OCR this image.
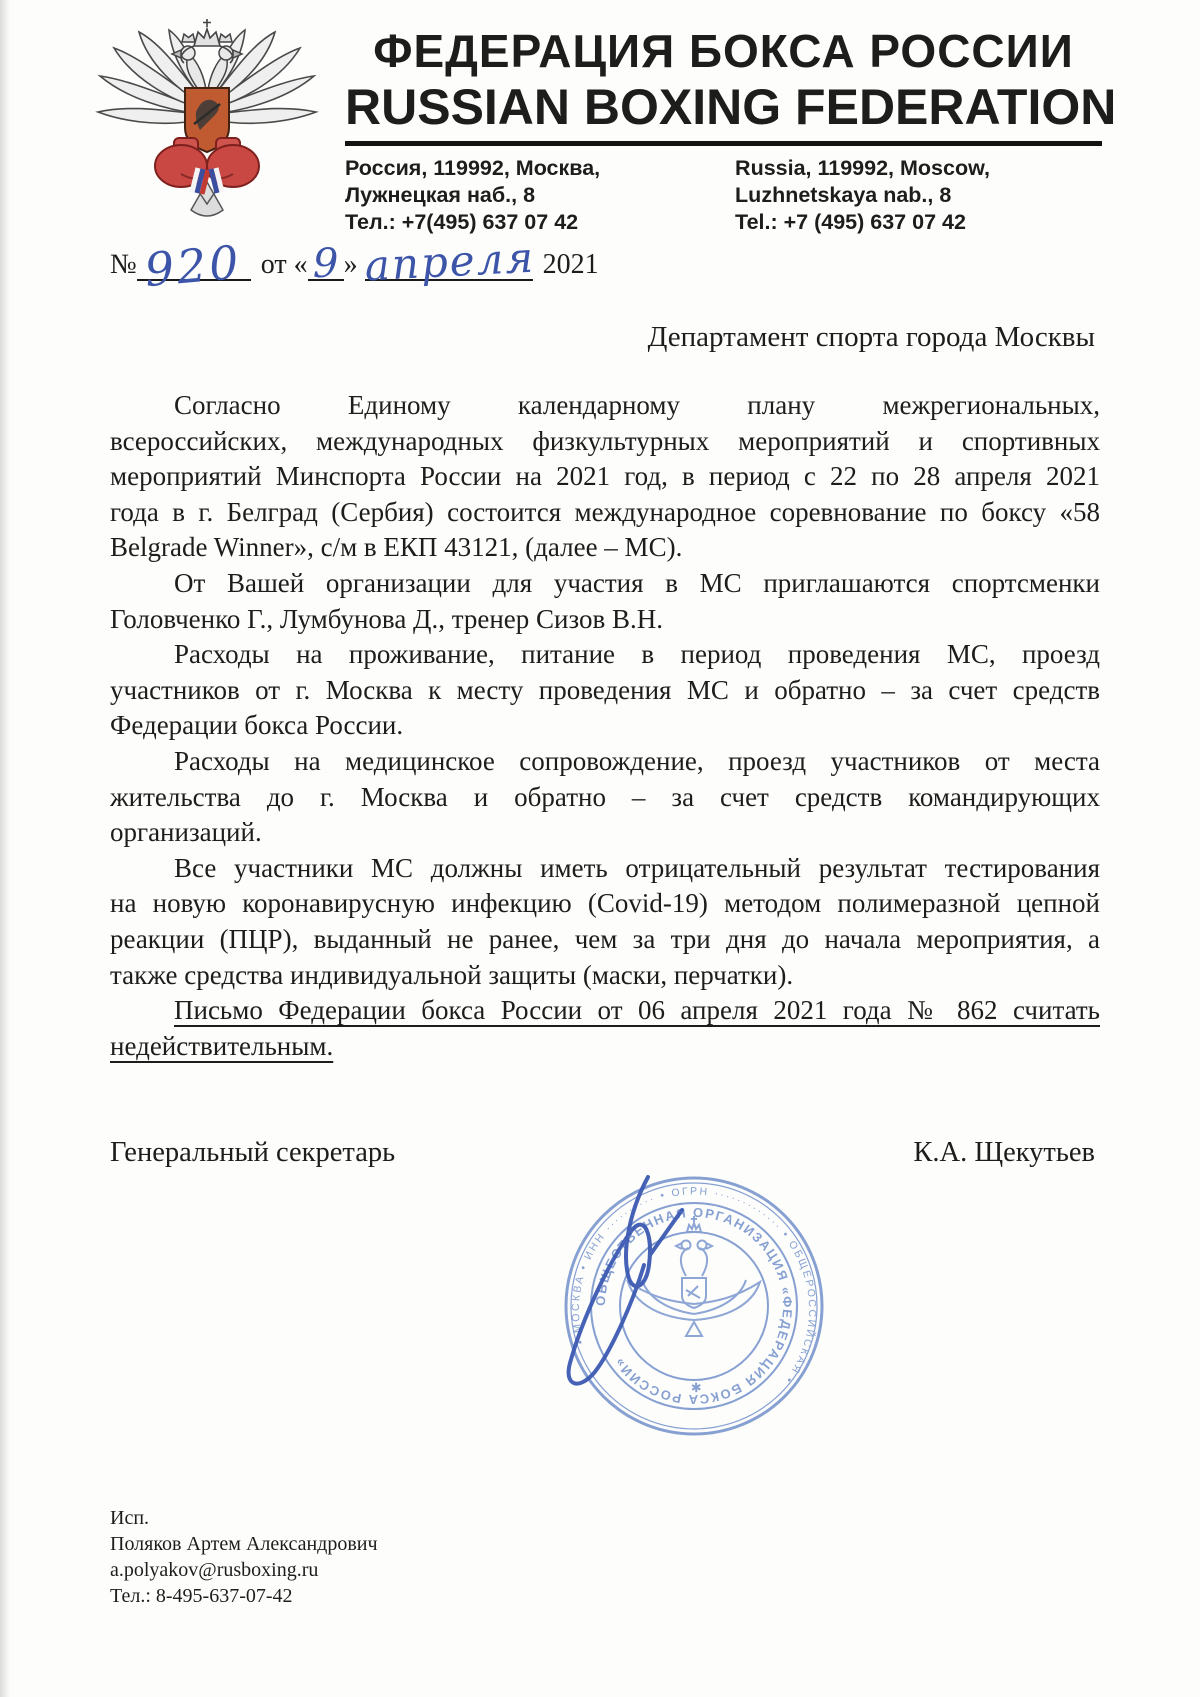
ФЕДЕРАЦИЯ БОКСА РОССИИ
RUSSIAN BOXING FEDERATION
Россия, 119992, Москва,
Лужнецкая наб., 8
Тел.: +7(495) 637 07 42
Russia, 119992, Moscow,
Luzhnetskaya nab., 8
Tel.: +7 (495) 637 07 42
№ 920 от « 9 » апреля 2021
Департамент спорта города Москвы

Согласно Единому календарному плану межрегиональных,
всероссийских, международных физкультурных мероприятий и спортивных
мероприятий Минспорта России на 2021 год, в период с 22 по 28 апреля 2021
года в г. Белград (Сербия) состоится международное соревнование по боксу «58
Belgrade Winner», с/м в ЕКП 43121, (далее – МС).

От Вашей организации для участия в МС приглашаются спортсменки
Головченко Г., Лумбунова Д., тренер Сизов В.Н.

Расходы на проживание, питание в период проведения МС, проезд
участников от г. Москва к месту проведения МС и обратно – за счет средств
Федерации бокса России.

Расходы на медицинское сопровождение, проезд участников от места
жительства до г. Москва и обратно – за счет средств командирующих
организаций.

Все участники МС должны иметь отрицательный результат тестирования
на новую коронавирусную инфекцию (Covid-19) методом полимеразной цепной
реакции (ПЦР), выданный не ранее, чем за три дня до начала мероприятия, а
также средства индивидуальной защиты (маски, перчатки).

Письмо Федерации бокса России от 06 апреля 2021 года № 862 считать
недействительным.

Генеральный секретарь	К.А. Щекутьев
• МОСКВА • ИНН ·········· • ОГРН ············· • ОБЩЕРОССИЙСКАЯ •
ОБЩЕСТВЕННАЯ ОРГАНИЗАЦИЯ «ФЕДЕРАЦИЯ БОКСА РОССИИ»
✱
Исп.
Поляков Артем Александрович
a.polyakov@rusboxing.ru
Тел.: 8-495-637-07-42
